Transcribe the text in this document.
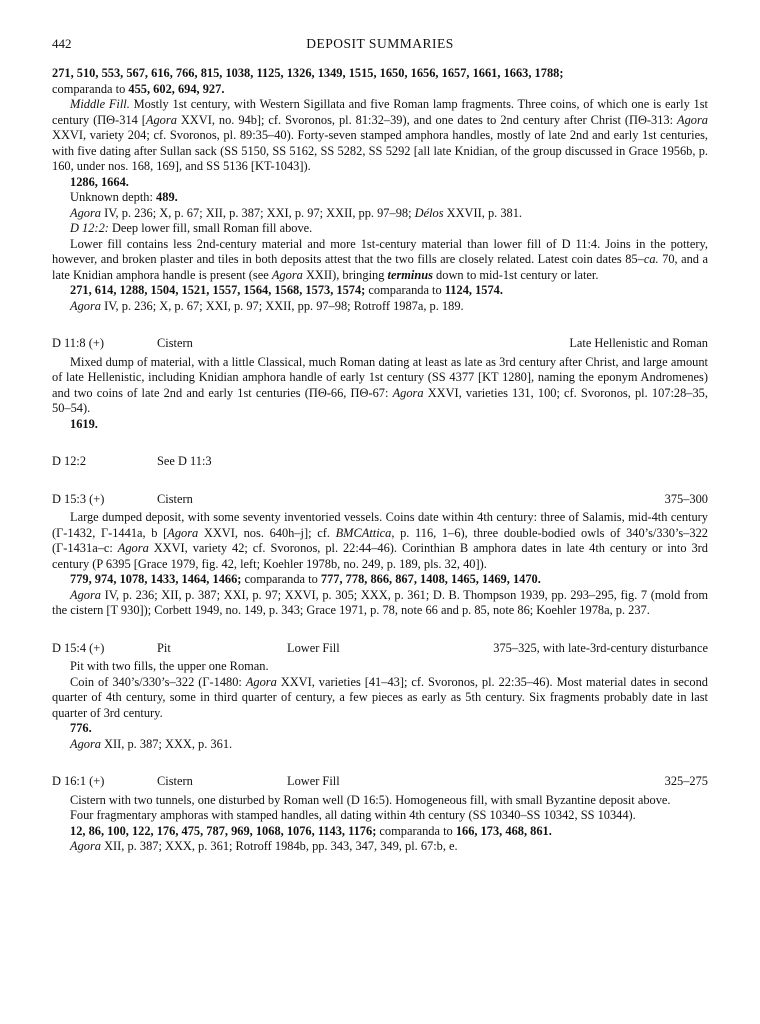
442	DEPOSIT SUMMARIES

271, 510, 553, 567, 616, 766, 815, 1038, 1125, 1326, 1349, 1515, 1650, 1656, 1657, 1661, 1663, 1788;
comparanda to 455, 602, 694, 927.

Middle Fill. Mostly 1st century, with Western Sigillata and five Roman lamp fragments. Three coins, of which one is early 1st century (ΠΘ-314 [Agora XXVI, no. 94b]; cf. Svoronos, pl. 81:32–39), and one dates to 2nd century after Christ (ΠΘ-313: Agora XXVI, variety 204; cf. Svoronos, pl. 89:35–40). Forty-seven stamped amphora handles, mostly of late 2nd and early 1st centuries, with five dating after Sullan sack (SS 5150, SS 5162, SS 5282, SS 5292 [all late Knidian, of the group discussed in Grace 1956b, p. 160, under nos. 168, 169], and SS 5136 [KT-1043]).

1286, 1664.

Unknown depth: 489.

Agora IV, p. 236; X, p. 67; XII, p. 387; XXI, p. 97; XXII, pp. 97–98; Délos XXVII, p. 381.

D 12:2: Deep lower fill, small Roman fill above.

Lower fill contains less 2nd-century material and more 1st-century material than lower fill of D 11:4. Joins in the pottery, however, and broken plaster and tiles in both deposits attest that the two fills are closely related. Latest coin dates 85–ca. 70, and a late Knidian amphora handle is present (see Agora XXII), bringing terminus down to mid-1st century or later.

271, 614, 1288, 1504, 1521, 1557, 1564, 1568, 1573, 1574; comparanda to 1124, 1574.

Agora IV, p. 236; X, p. 67; XXI, p. 97; XXII, pp. 97–98; Rotroff 1987a, p. 189.

D 11:8 (+)	Cistern	Late Hellenistic and Roman

Mixed dump of material, with a little Classical, much Roman dating at least as late as 3rd century after Christ, and large amount of late Hellenistic, including Knidian amphora handle of early 1st century (SS 4377 [KT 1280], naming the eponym Andromenes) and two coins of late 2nd and early 1st centuries (ΠΘ-66, ΠΘ-67: Agora XXVI, varieties 131, 100; cf. Svoronos, pl. 107:28–35, 50–54).

1619.

D 12:2	See D 11:3
D 15:3 (+)	Cistern	375–300

Large dumped deposit, with some seventy inventoried vessels. Coins date within 4th century: three of Salamis, mid-4th century (Γ-1432, Γ-1441a, b [Agora XXVI, nos. 640h–j]; cf. BMCAttica, p. 116, 1–6), three double-bodied owls of 340’s/330’s–322 (Γ-1431a–c: Agora XXVI, variety 42; cf. Svoronos, pl. 22:44–46). Corinthian B amphora dates in late 4th century or into 3rd century (P 6395 [Grace 1979, fig. 42, left; Koehler 1978b, no. 249, p. 189, pls. 32, 40]).

779, 974, 1078, 1433, 1464, 1466; comparanda to 777, 778, 866, 867, 1408, 1465, 1469, 1470.

Agora IV, p. 236; XII, p. 387; XXI, p. 97; XXVI, p. 305; XXX, p. 361; D. B. Thompson 1939, pp. 293–295, fig. 7 (mold from the cistern [T 930]); Corbett 1949, no. 149, p. 343; Grace 1971, p. 78, note 66 and p. 85, note 86; Koehler 1978a, p. 237.

D 15:4 (+)	Pit	Lower Fill	375–325, with late-3rd-century disturbance

Pit with two fills, the upper one Roman.

Coin of 340’s/330’s–322 (Γ-1480: Agora XXVI, varieties [41–43]; cf. Svoronos, pl. 22:35–46). Most material dates in second quarter of 4th century, some in third quarter of century, a few pieces as early as 5th century. Six fragments probably date in last quarter of 3rd century.

776.

Agora XII, p. 387; XXX, p. 361.

D 16:1 (+)	Cistern	Lower Fill	325–275

Cistern with two tunnels, one disturbed by Roman well (D 16:5). Homogeneous fill, with small Byzantine deposit above.

Four fragmentary amphoras with stamped handles, all dating within 4th century (SS 10340–SS 10342, SS 10344).

12, 86, 100, 122, 176, 475, 787, 969, 1068, 1076, 1143, 1176; comparanda to 166, 173, 468, 861.

Agora XII, p. 387; XXX, p. 361; Rotroff 1984b, pp. 343, 347, 349, pl. 67:b, e.
